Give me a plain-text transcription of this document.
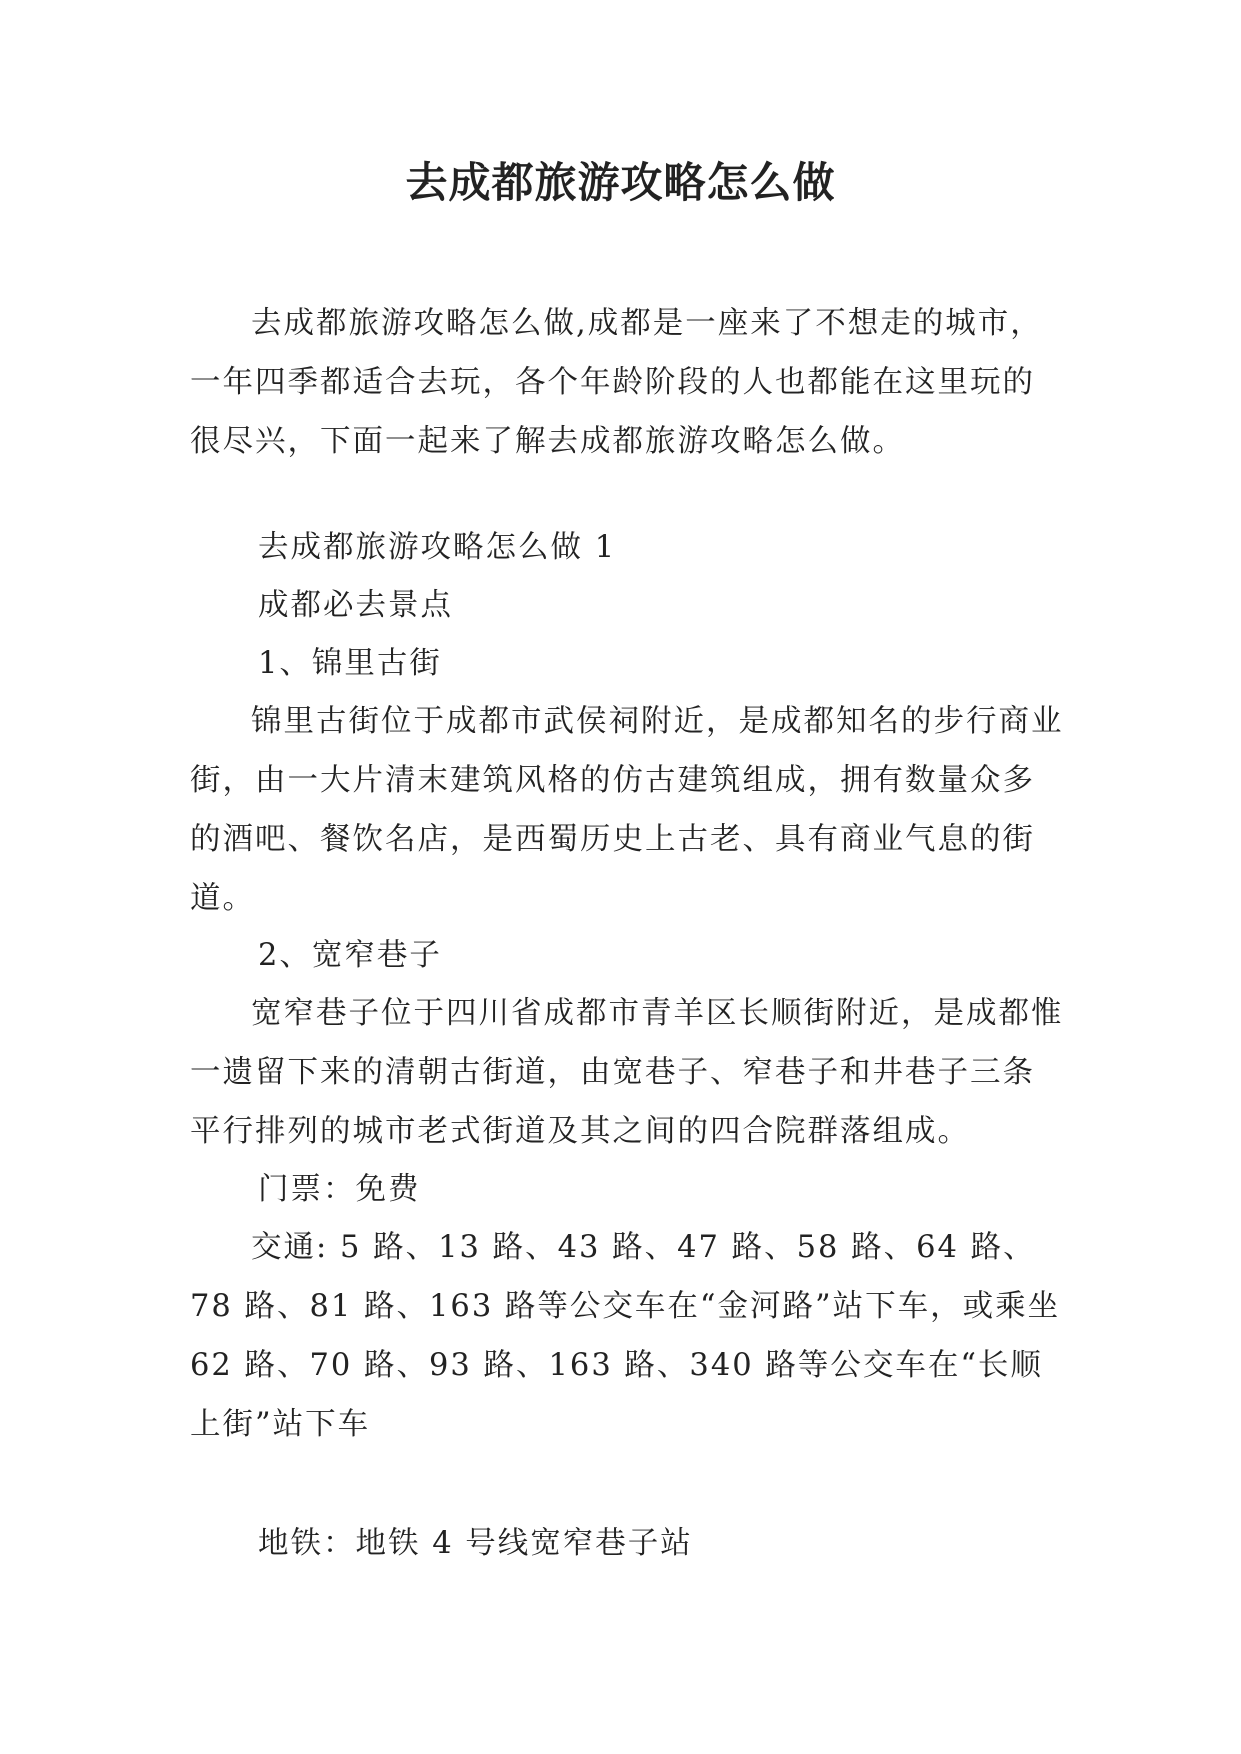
去成都旅游攻略怎么做

去成都旅游攻略怎么做,成都是一座来了不想走的城市，一年四季都适合去玩，各个年龄阶段的人也都能在这里玩的很尽兴，下面一起来了解去成都旅游攻略怎么做。

去成都旅游攻略怎么做 1

成都必去景点

1、锦里古街

锦里古街位于成都市武侯祠附近，是成都知名的步行商业街，由一大片清末建筑风格的仿古建筑组成，拥有数量众多的酒吧、餐饮名店，是西蜀历史上古老、具有商业气息的街道。

2、宽窄巷子

宽窄巷子位于四川省成都市青羊区长顺街附近，是成都惟一遗留下来的清朝古街道，由宽巷子、窄巷子和井巷子三条平行排列的城市老式街道及其之间的四合院群落组成。

门票：免费

交通: 5 路、13 路、43 路、47 路、58 路、64 路、78 路、81 路、163 路等公交车在“金河路”站下车，或乘坐 62 路、70 路、93 路、163 路、340 路等公交车在“长顺上街”站下车

地铁：地铁 4 号线宽窄巷子站
